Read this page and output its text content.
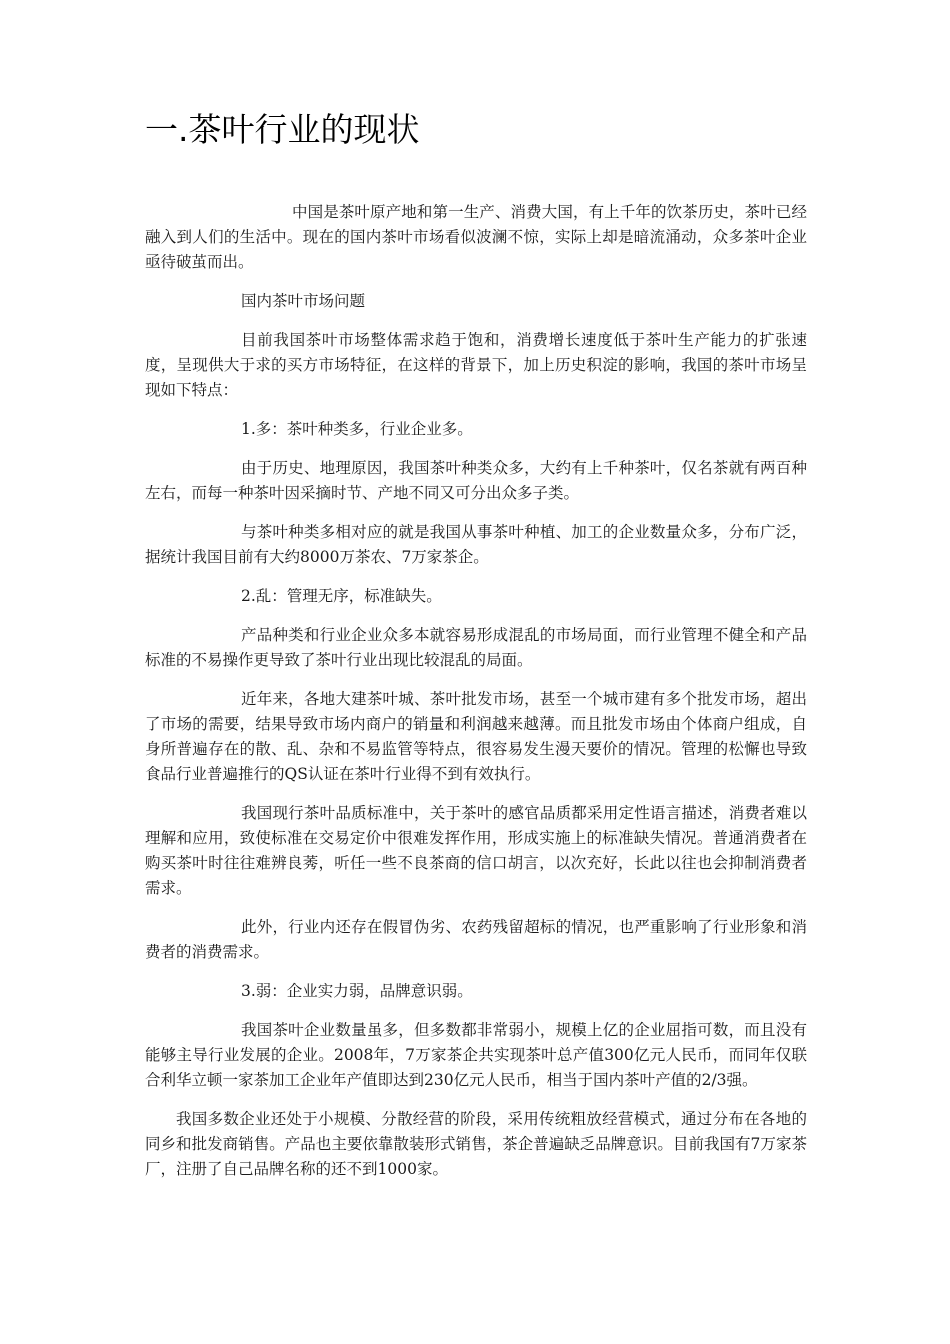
一.茶叶行业的现状

中国是茶叶原产地和第一生产、消费大国，有上千年的饮茶历史，茶叶已经融入到人们的生活中。现在的国内茶叶市场看似波澜不惊，实际上却是暗流涌动，众多茶叶企业亟待破茧而出。

国内茶叶市场问题

目前我国茶叶市场整体需求趋于饱和，消费增长速度低于茶叶生产能力的扩张速度，呈现供大于求的买方市场特征，在这样的背景下，加上历史积淀的影响，我国的茶叶市场呈现如下特点：

1.多：茶叶种类多，行业企业多。

由于历史、地理原因，我国茶叶种类众多，大约有上千种茶叶，仅名茶就有两百种左右，而每一种茶叶因采摘时节、产地不同又可分出众多子类。

与茶叶种类多相对应的就是我国从事茶叶种植、加工的企业数量众多，分布广泛，据统计我国目前有大约8000万茶农、7万家茶企。

2.乱：管理无序，标准缺失。

产品种类和行业企业众多本就容易形成混乱的市场局面，而行业管理不健全和产品标准的不易操作更导致了茶叶行业出现比较混乱的局面。

近年来，各地大建茶叶城、茶叶批发市场，甚至一个城市建有多个批发市场，超出了市场的需要，结果导致市场内商户的销量和利润越来越薄。而且批发市场由个体商户组成，自身所普遍存在的散、乱、杂和不易监管等特点，很容易发生漫天要价的情况。管理的松懈也导致食品行业普遍推行的QS认证在茶叶行业得不到有效执行。

我国现行茶叶品质标准中，关于茶叶的感官品质都采用定性语言描述，消费者难以理解和应用，致使标准在交易定价中很难发挥作用，形成实施上的标准缺失情况。普通消费者在购买茶叶时往往难辨良莠，听任一些不良茶商的信口胡言，以次充好，长此以往也会抑制消费者需求。

此外，行业内还存在假冒伪劣、农药残留超标的情况，也严重影响了行业形象和消费者的消费需求。

3.弱：企业实力弱，品牌意识弱。

我国茶叶企业数量虽多，但多数都非常弱小，规模上亿的企业屈指可数，而且没有能够主导行业发展的企业。2008年，7万家茶企共实现茶叶总产值300亿元人民币，而同年仅联合利华立顿一家茶加工企业年产值即达到230亿元人民币，相当于国内茶叶产值的2/3强。

我国多数企业还处于小规模、分散经营的阶段，采用传统粗放经营模式，通过分布在各地的同乡和批发商销售。产品也主要依靠散装形式销售，茶企普遍缺乏品牌意识。目前我国有7万家茶厂，注册了自己品牌名称的还不到1000家。
